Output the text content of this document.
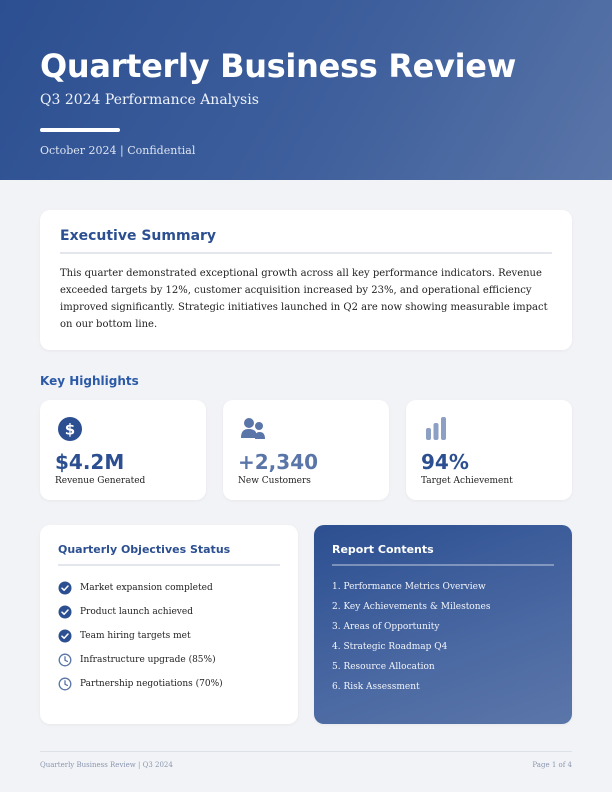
Quarterly Business Review
Q3 2024 Performance Analysis
October 2024 | Confidential
Executive Summary

This quarter demonstrated exceptional growth across all key performance indicators. Revenue exceeded targets by 12%, customer acquisition increased by 23%, and operational efficiency improved significantly. Strategic initiatives launched in Q2 are now showing measurable impact on our bottom line.

Key Highlights
$
$4.2M
Revenue Generated
+2,340
New Customers
94%
Target Achievement
Quarterly Objectives Status
Market expansion completed
Product launch achieved
Team hiring targets met
Infrastructure upgrade (85%)
Partnership negotiations (70%)
Report Contents
1. Performance Metrics Overview
2. Key Achievements & Milestones
3. Areas of Opportunity
4. Strategic Roadmap Q4
5. Resource Allocation
6. Risk Assessment
Quarterly Business Review | Q3 2024	Page 1 of 4
